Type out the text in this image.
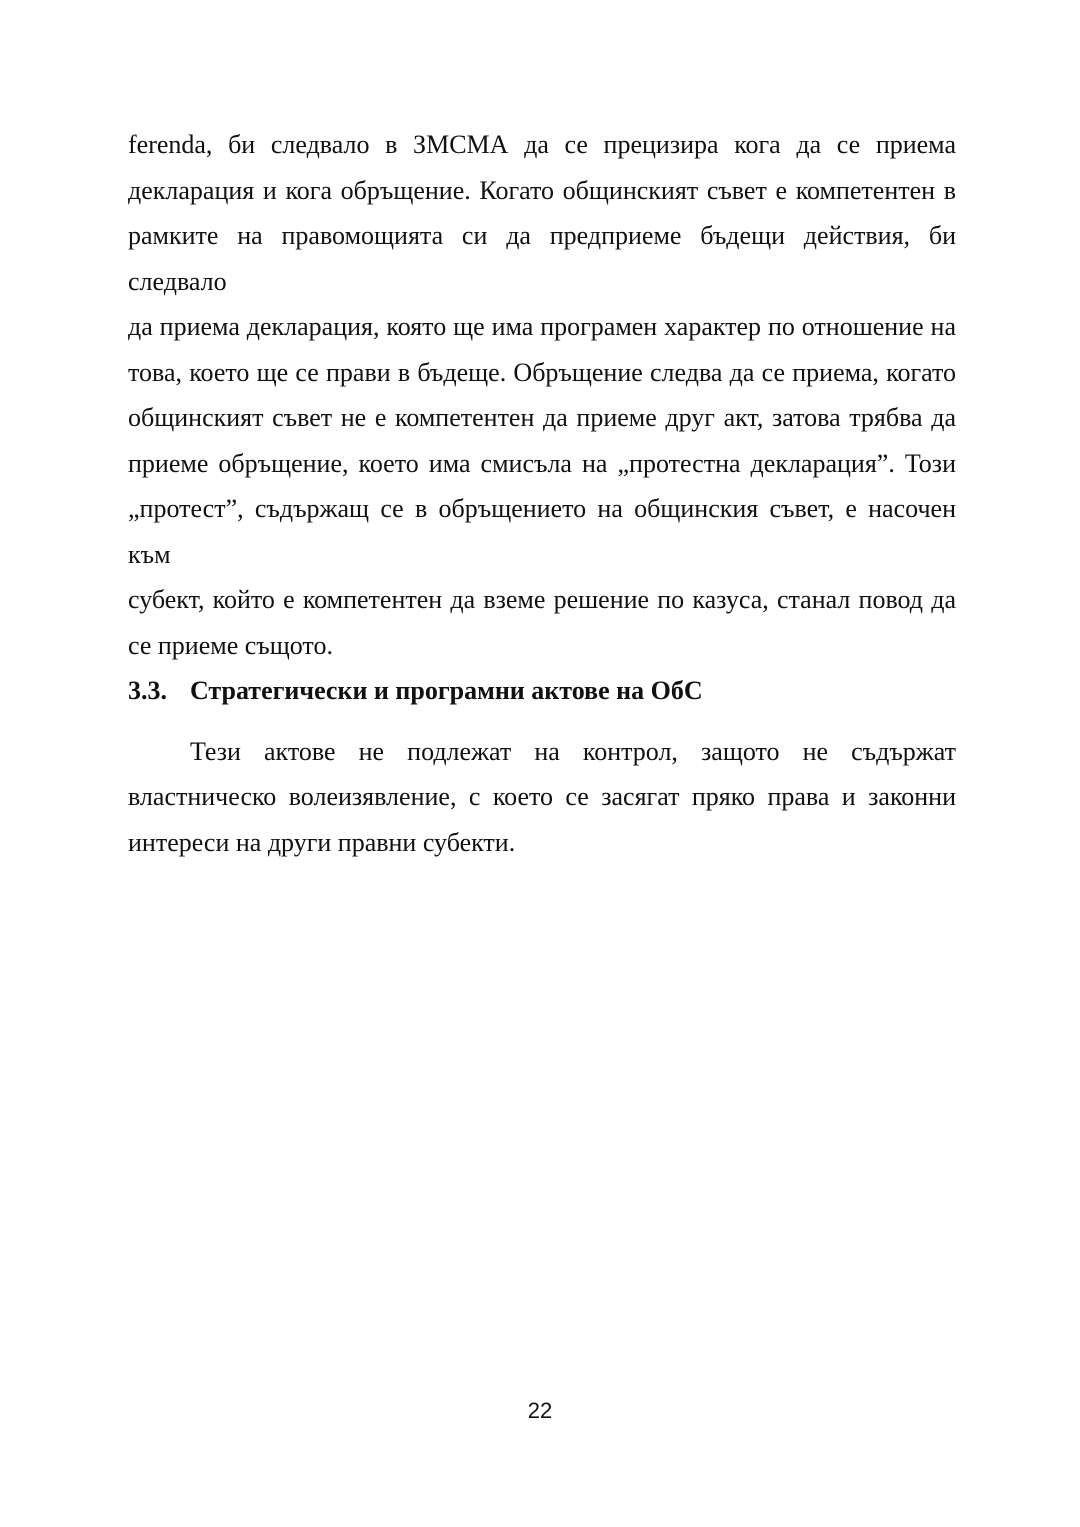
ferenda, би следвало в ЗМСМА да се прецизира кога да се приема
декларация и кога обръщение. Когато общинският съвет е компетентен в
рамките на правомощията си да предприеме бъдещи действия, би следвало
да приема декларация, която ще има програмен характер по отношение на
това, което ще се прави в бъдеще. Обръщение следва да се приема, когато
общинският съвет не е компетентен да приеме друг акт, затова трябва да
приеме обръщение, което има смисъла на „протестна декларация”. Този
„протест”, съдържащ се в обръщението на общинския съвет, е насочен към
субект, който е компетентен да вземе решение по казуса, станал повод да
се приеме същото.

3.3. Стратегически и програмни актове на ОбС

Тези актове не подлежат на контрол, защото не съдържат
властническо волеизявление, с което се засягат пряко права и законни
интереси на други правни субекти.

22
